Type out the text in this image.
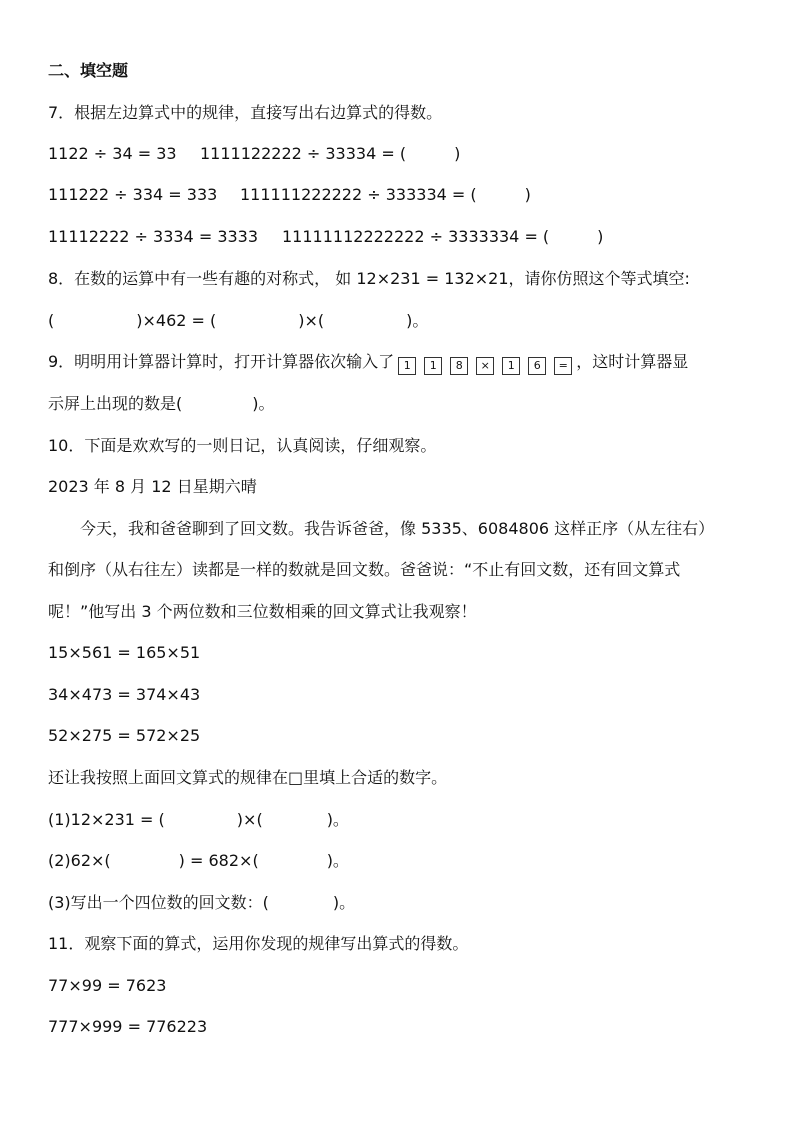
二、填空题
7．根据左边算式中的规律，直接写出右边算式的得数。
1122 ÷ 34 = 33 1111122222 ÷ 33334 = (	)
111222 ÷ 334 = 333 111111222222 ÷ 333334 = (	)
11112222 ÷ 3334 = 3333 11111112222222 ÷ 3333334 = (	)
8．在数的运算中有一些有趣的对称式， 如 12×231 = 132×21，请你仿照这个等式填空:
(	)×462 = (	)×(	)。
9．明明用计算器计算时，打开计算器依次输入了 1 1 8 × 1 6 = ，这时计算器显
示屏上出现的数是(	)。
10．下面是欢欢写的一则日记，认真阅读，仔细观察。
2023 年 8 月 12 日星期六晴
今天，我和爸爸聊到了回文数。我告诉爸爸，像 5335、6084806 这样正序（从左往右）
和倒序（从右往左）读都是一样的数就是回文数。爸爸说：“不止有回文数，还有回文算式
呢！”他写出 3 个两位数和三位数相乘的回文算式让我观察！
15×561 = 165×51
34×473 = 374×43
52×275 = 572×25
还让我按照上面回文算式的规律在□里填上合适的数字。
(1)12×231 = (	)×(	)。
(2)62×(	) = 682×(	)。
(3)写出一个四位数的回文数：(	)。
11．观察下面的算式，运用你发现的规律写出算式的得数。
77×99 = 7623
777×999 = 776223
